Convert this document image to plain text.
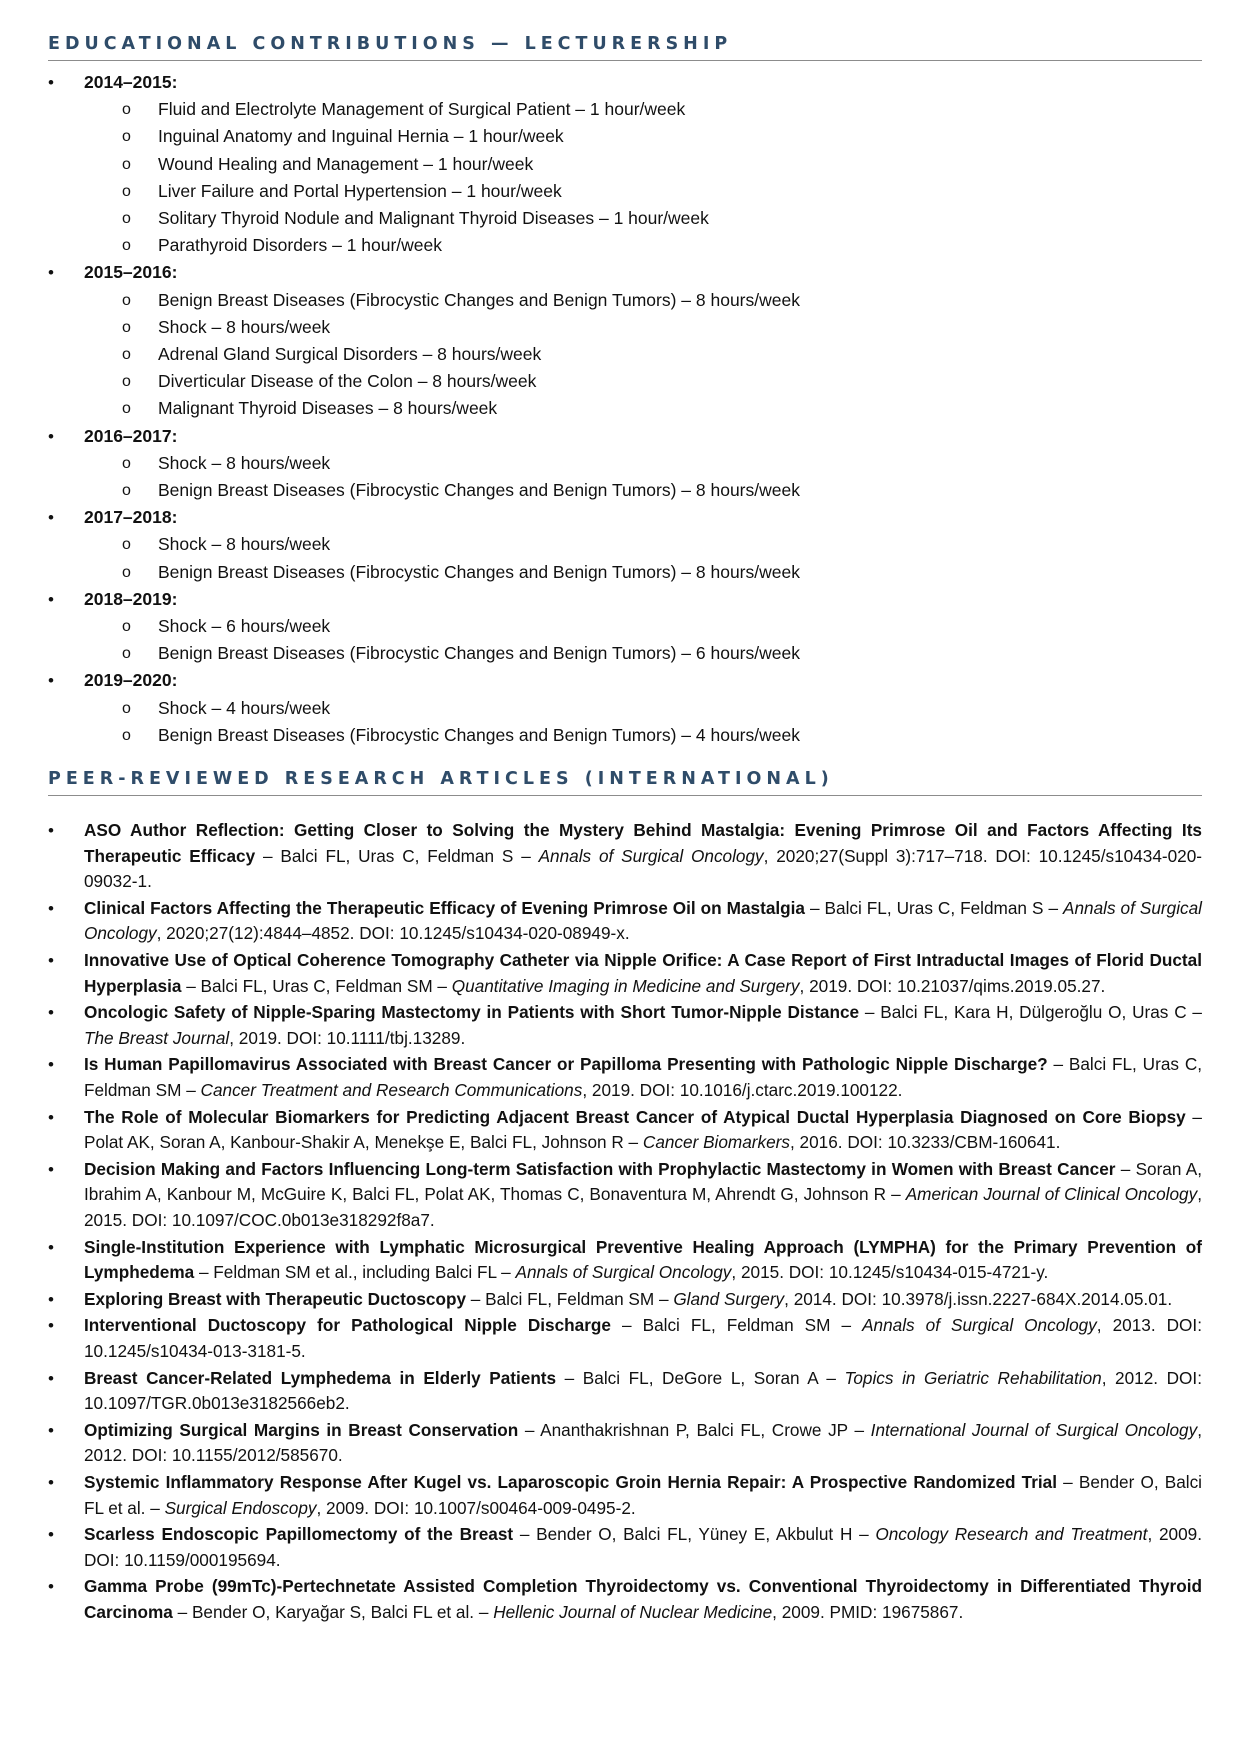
EDUCATIONAL CONTRIBUTIONS — LECTURERSHIP
• 2014–2015:
o Fluid and Electrolyte Management of Surgical Patient – 1 hour/week
o Inguinal Anatomy and Inguinal Hernia – 1 hour/week
o Wound Healing and Management – 1 hour/week
o Liver Failure and Portal Hypertension – 1 hour/week
o Solitary Thyroid Nodule and Malignant Thyroid Diseases – 1 hour/week
o Parathyroid Disorders – 1 hour/week
• 2015–2016:
o Benign Breast Diseases (Fibrocystic Changes and Benign Tumors) – 8 hours/week
o Shock – 8 hours/week
o Adrenal Gland Surgical Disorders – 8 hours/week
o Diverticular Disease of the Colon – 8 hours/week
o Malignant Thyroid Diseases – 8 hours/week
• 2016–2017:
o Shock – 8 hours/week
o Benign Breast Diseases (Fibrocystic Changes and Benign Tumors) – 8 hours/week
• 2017–2018:
o Shock – 8 hours/week
o Benign Breast Diseases (Fibrocystic Changes and Benign Tumors) – 8 hours/week
• 2018–2019:
o Shock – 6 hours/week
o Benign Breast Diseases (Fibrocystic Changes and Benign Tumors) – 6 hours/week
• 2019–2020:
o Shock – 4 hours/week
o Benign Breast Diseases (Fibrocystic Changes and Benign Tumors) – 4 hours/week
PEER-REVIEWED RESEARCH ARTICLES (INTERNATIONAL)
• ASO Author Reflection: Getting Closer to Solving the Mystery Behind Mastalgia: Evening Primrose Oil and Factors Affecting Its Therapeutic Efficacy – Balci FL, Uras C, Feldman S – Annals of Surgical Oncology, 2020;27(Suppl 3):717–718. DOI: 10.1245/s10434-020-09032-1.
• Clinical Factors Affecting the Therapeutic Efficacy of Evening Primrose Oil on Mastalgia – Balci FL, Uras C, Feldman S – Annals of Surgical Oncology, 2020;27(12):4844–4852. DOI: 10.1245/s10434-020-08949-x.
• Innovative Use of Optical Coherence Tomography Catheter via Nipple Orifice: A Case Report of First Intraductal Images of Florid Ductal Hyperplasia – Balci FL, Uras C, Feldman SM – Quantitative Imaging in Medicine and Surgery, 2019. DOI: 10.21037/qims.2019.05.27.
• Oncologic Safety of Nipple-Sparing Mastectomy in Patients with Short Tumor-Nipple Distance – Balci FL, Kara H, Dülgeroğlu O, Uras C – The Breast Journal, 2019. DOI: 10.1111/tbj.13289.
• Is Human Papillomavirus Associated with Breast Cancer or Papilloma Presenting with Pathologic Nipple Discharge? – Balci FL, Uras C, Feldman SM – Cancer Treatment and Research Communications, 2019. DOI: 10.1016/j.ctarc.2019.100122.
• The Role of Molecular Biomarkers for Predicting Adjacent Breast Cancer of Atypical Ductal Hyperplasia Diagnosed on Core Biopsy – Polat AK, Soran A, Kanbour-Shakir A, Menekşe E, Balci FL, Johnson R – Cancer Biomarkers, 2016. DOI: 10.3233/CBM-160641.
• Decision Making and Factors Influencing Long-term Satisfaction with Prophylactic Mastectomy in Women with Breast Cancer – Soran A, Ibrahim A, Kanbour M, McGuire K, Balci FL, Polat AK, Thomas C, Bonaventura M, Ahrendt G, Johnson R – American Journal of Clinical Oncology, 2015. DOI: 10.1097/COC.0b013e318292f8a7.
• Single-Institution Experience with Lymphatic Microsurgical Preventive Healing Approach (LYMPHA) for the Primary Prevention of Lymphedema – Feldman SM et al., including Balci FL – Annals of Surgical Oncology, 2015. DOI: 10.1245/s10434-015-4721-y.
• Exploring Breast with Therapeutic Ductoscopy – Balci FL, Feldman SM – Gland Surgery, 2014. DOI: 10.3978/j.issn.2227-684X.2014.05.01.
• Interventional Ductoscopy for Pathological Nipple Discharge – Balci FL, Feldman SM – Annals of Surgical Oncology, 2013. DOI: 10.1245/s10434-013-3181-5.
• Breast Cancer-Related Lymphedema in Elderly Patients – Balci FL, DeGore L, Soran A – Topics in Geriatric Rehabilitation, 2012. DOI: 10.1097/TGR.0b013e3182566eb2.
• Optimizing Surgical Margins in Breast Conservation – Ananthakrishnan P, Balci FL, Crowe JP – International Journal of Surgical Oncology, 2012. DOI: 10.1155/2012/585670.
• Systemic Inflammatory Response After Kugel vs. Laparoscopic Groin Hernia Repair: A Prospective Randomized Trial – Bender O, Balci FL et al. – Surgical Endoscopy, 2009. DOI: 10.1007/s00464-009-0495-2.
• Scarless Endoscopic Papillomectomy of the Breast – Bender O, Balci FL, Yüney E, Akbulut H – Oncology Research and Treatment, 2009. DOI: 10.1159/000195694.
• Gamma Probe (99mTc)-Pertechnetate Assisted Completion Thyroidectomy vs. Conventional Thyroidectomy in Differentiated Thyroid Carcinoma – Bender O, Karyağar S, Balci FL et al. – Hellenic Journal of Nuclear Medicine, 2009. PMID: 19675867.
